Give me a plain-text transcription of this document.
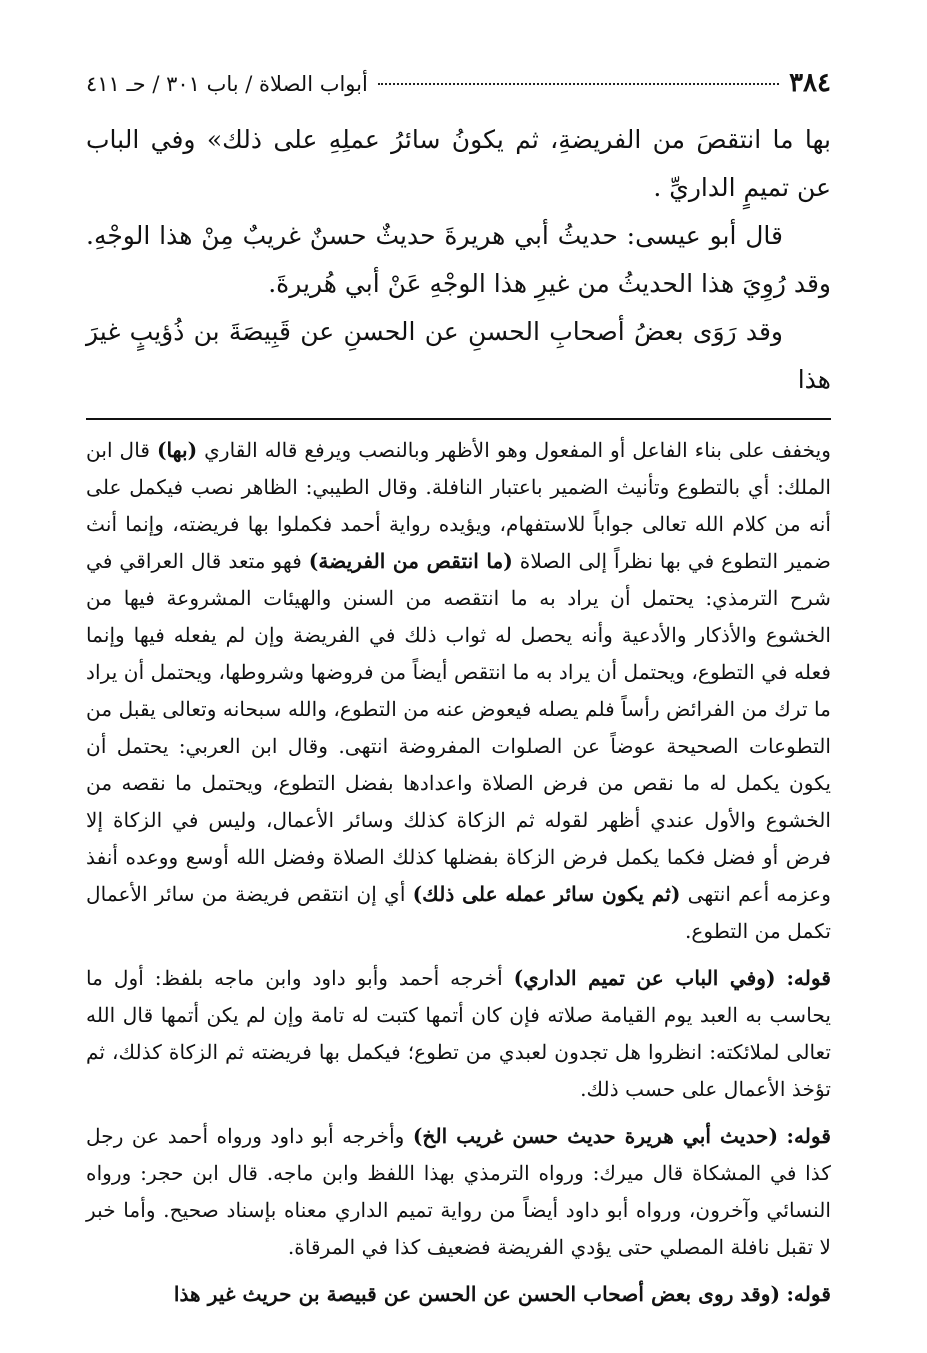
٣٨٤
أبواب الصلاة / باب ٣٠١ / حـ ٤١١

بها ما انتقصَ من الفريضةِ، ثم يكونُ سائرُ عملِهِ على ذلك» وفي الباب عن تميمٍ الداريِّ .

قال أبو عيسى: حديثُ أبي هريرةَ حديثٌ حسنٌ غريبٌ مِنْ هذا الوجْهِ. وقد رُوِيَ هذا الحديثُ من غيرِ هذا الوجْهِ عَنْ أبي هُريرةَ.

وقد رَوَى بعضُ أصحابِ الحسنِ عن الحسنِ عن قَبِيصَةَ بن ذُؤيبٍ غيرَ هذا

ويخفف على بناء الفاعل أو المفعول وهو الأظهر وبالنصب ويرفع قاله القاري (بها) قال ابن الملك: أي بالتطوع وتأنيث الضمير باعتبار النافلة. وقال الطيبي: الظاهر نصب فيكمل على أنه من كلام الله تعالى جواباً للاستفهام، ويؤيده رواية أحمد فكملوا بها فريضته، وإنما أنث ضمير التطوع في بها نظراً إلى الصلاة (ما انتقص من الفريضة) فهو متعد قال العراقي في شرح الترمذي: يحتمل أن يراد به ما انتقصه من السنن والهيئات المشروعة فيها من الخشوع والأذكار والأدعية وأنه يحصل له ثواب ذلك في الفريضة وإن لم يفعله فيها وإنما فعله في التطوع، ويحتمل أن يراد به ما انتقص أيضاً من فروضها وشروطها، ويحتمل أن يراد ما ترك من الفرائض رأساً فلم يصله فيعوض عنه من التطوع، والله سبحانه وتعالى يقبل من التطوعات الصحيحة عوضاً عن الصلوات المفروضة انتهى. وقال ابن العربي: يحتمل أن يكون يكمل له ما نقص من فرض الصلاة واعدادها بفضل التطوع، ويحتمل ما نقصه من الخشوع والأول عندي أظهر لقوله ثم الزكاة كذلك وسائر الأعمال، وليس في الزكاة إلا فرض أو فضل فكما يكمل فرض الزكاة بفضلها كذلك الصلاة وفضل الله أوسع ووعده أنفذ وعزمه أعم انتهى (ثم يكون سائر عمله على ذلك) أي إن انتقص فريضة من سائر الأعمال تكمل من التطوع.

قوله: (وفي الباب عن تميم الداري) أخرجه أحمد وأبو داود وابن ماجه بلفظ: أول ما يحاسب به العبد يوم القيامة صلاته فإن كان أتمها كتبت له تامة وإن لم يكن أتمها قال الله تعالى لملائكته: انظروا هل تجدون لعبدي من تطوع؛ فيكمل بها فريضته ثم الزكاة كذلك، ثم تؤخذ الأعمال على حسب ذلك.

قوله: (حديث أبي هريرة حديث حسن غريب الخ) وأخرجه أبو داود ورواه أحمد عن رجل كذا في المشكاة قال ميرك: ورواه الترمذي بهذا اللفظ وابن ماجه. قال ابن حجر: ورواه النسائي وآخرون، ورواه أبو داود أيضاً من رواية تميم الداري معناه بإسناد صحيح. وأما خبر لا تقبل نافلة المصلي حتى يؤدي الفريضة فضعيف كذا في المرقاة.

قوله: (وقد روى بعض أصحاب الحسن عن الحسن عن قبيصة بن حريث غير هذا
